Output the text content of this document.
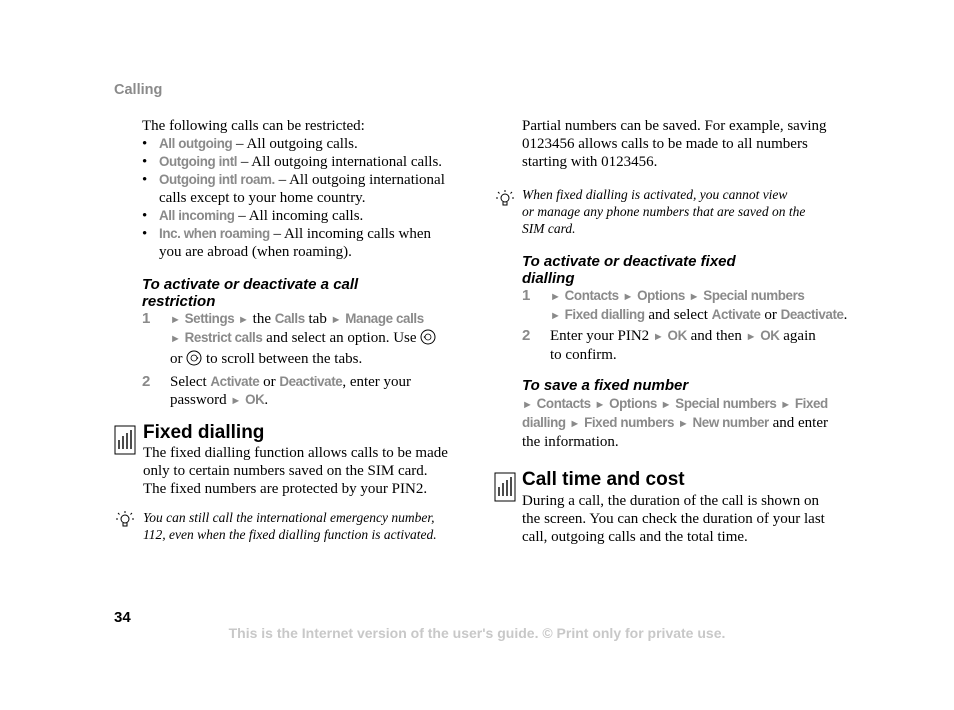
Calling
The following calls can be restricted:
• All outgoing – All outgoing calls.
• Outgoing intl – All outgoing international calls.
• Outgoing intl roam. – All outgoing international
calls except to your home country.
• All incoming – All incoming calls.
• Inc. when roaming – All incoming calls when
you are abroad (when roaming).
To activate or deactivate a call
restriction
1 ► Settings ► the Calls tab ► Manage calls
► Restrict calls and select an option. Use
or  to scroll between the tabs.
2 Select Activate or Deactivate, enter your
password ► OK.
Fixed dialling
The fixed dialling function allows calls to be made
only to certain numbers saved on the SIM card.
The fixed numbers are protected by your PIN2.
You can still call the international emergency number,
112, even when the fixed dialling function is activated.
Partial numbers can be saved. For example, saving
0123456 allows calls to be made to all numbers
starting with 0123456.
When fixed dialling is activated, you cannot view
or manage any phone numbers that are saved on the
SIM card.
To activate or deactivate fixed
dialling
1 ► Contacts ► Options ► Special numbers
► Fixed dialling and select Activate or Deactivate.
2 Enter your PIN2 ► OK and then ► OK again
to confirm.
To save a fixed number
► Contacts ► Options ► Special numbers ► Fixed
dialling ► Fixed numbers ► New number and enter
the information.
Call time and cost
During a call, the duration of the call is shown on
the screen. You can check the duration of your last
call, outgoing calls and the total time.
34
This is the Internet version of the user's guide. © Print only for private use.
